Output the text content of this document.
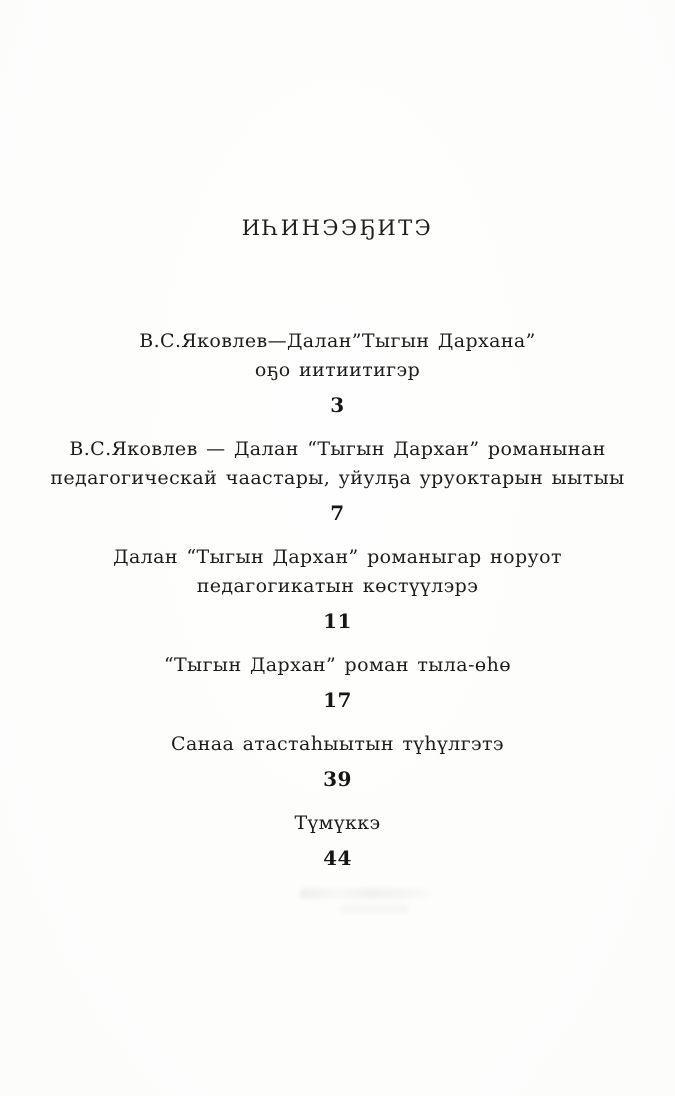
ИҺИНЭЭҔИТЭ

В.С.Яковлев—Далан”Тыгын Дархана”
оҕо иитиитигэр

3

В.С.Яковлев — Далан “Тыгын Дархан” романынан
педагогическай чаастары, уйулҕа уруоктарын ыытыы

7

Далан “Тыгын Дархан” романыгар норуот
педагогикатын көстүүлэрэ

11

“Тыгын Дархан” роман тыла-өһө

17

Санаа атастаһыытын түһүлгэтэ

39

Түмүккэ

44
